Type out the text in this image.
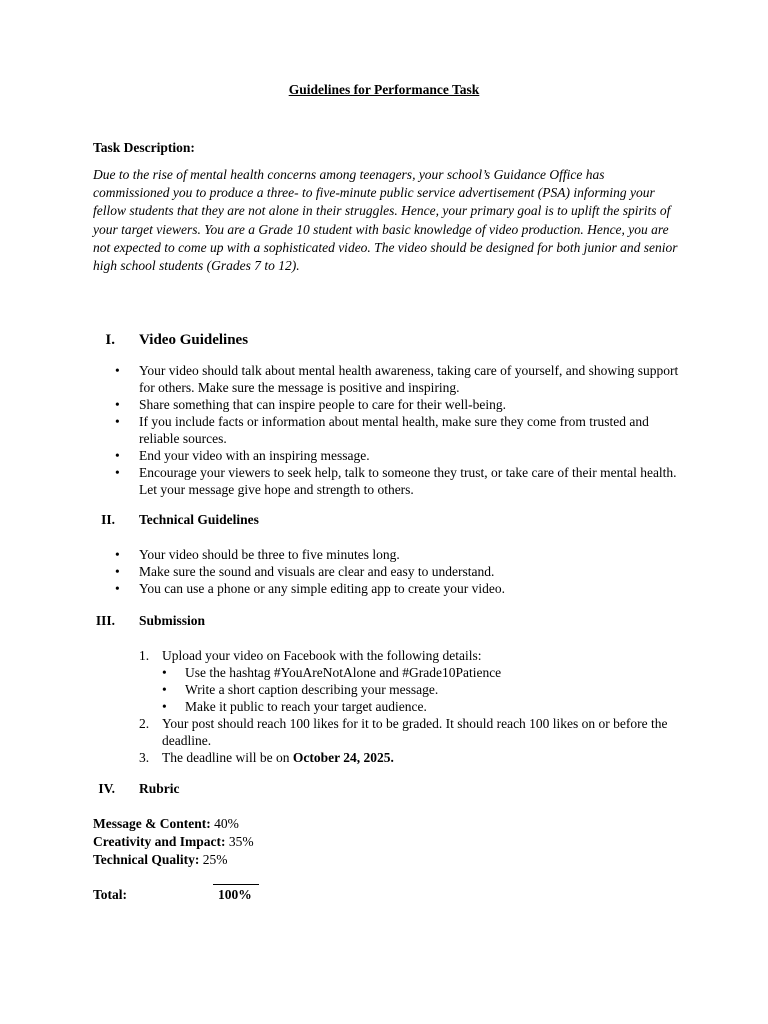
Guidelines for Performance Task
Task Description:
Due to the rise of mental health concerns among teenagers, your school’s Guidance Office has commissioned you to produce a three- to five-minute public service advertisement (PSA) informing your fellow students that they are not alone in their struggles. Hence, your primary goal is to uplift the spirits of your target viewers. You are a Grade 10 student with basic knowledge of video production. Hence, you are not expected to come up with a sophisticated video. The video should be designed for both junior and senior high school students (Grades 7 to 12).
I. Video Guidelines
• Your video should talk about mental health awareness, taking care of yourself, and showing support for others. Make sure the message is positive and inspiring.
• Share something that can inspire people to care for their well-being.
• If you include facts or information about mental health, make sure they come from trusted and reliable sources.
• End your video with an inspiring message.
• Encourage your viewers to seek help, talk to someone they trust, or take care of their mental health. Let your message give hope and strength to others.
II. Technical Guidelines
• Your video should be three to five minutes long.
• Make sure the sound and visuals are clear and easy to understand.
• You can use a phone or any simple editing app to create your video.
III. Submission
1. Upload your video on Facebook with the following details:
• Use the hashtag #YouAreNotAlone and #Grade10Patience
• Write a short caption describing your message.
• Make it public to reach your target audience.
2. Your post should reach 100 likes for it to be graded. It should reach 100 likes on or before the deadline.
3. The deadline will be on October 24, 2025.
IV. Rubric
Message & Content: 40%
Creativity and Impact: 35%
Technical Quality: 25%
Total:	100%
